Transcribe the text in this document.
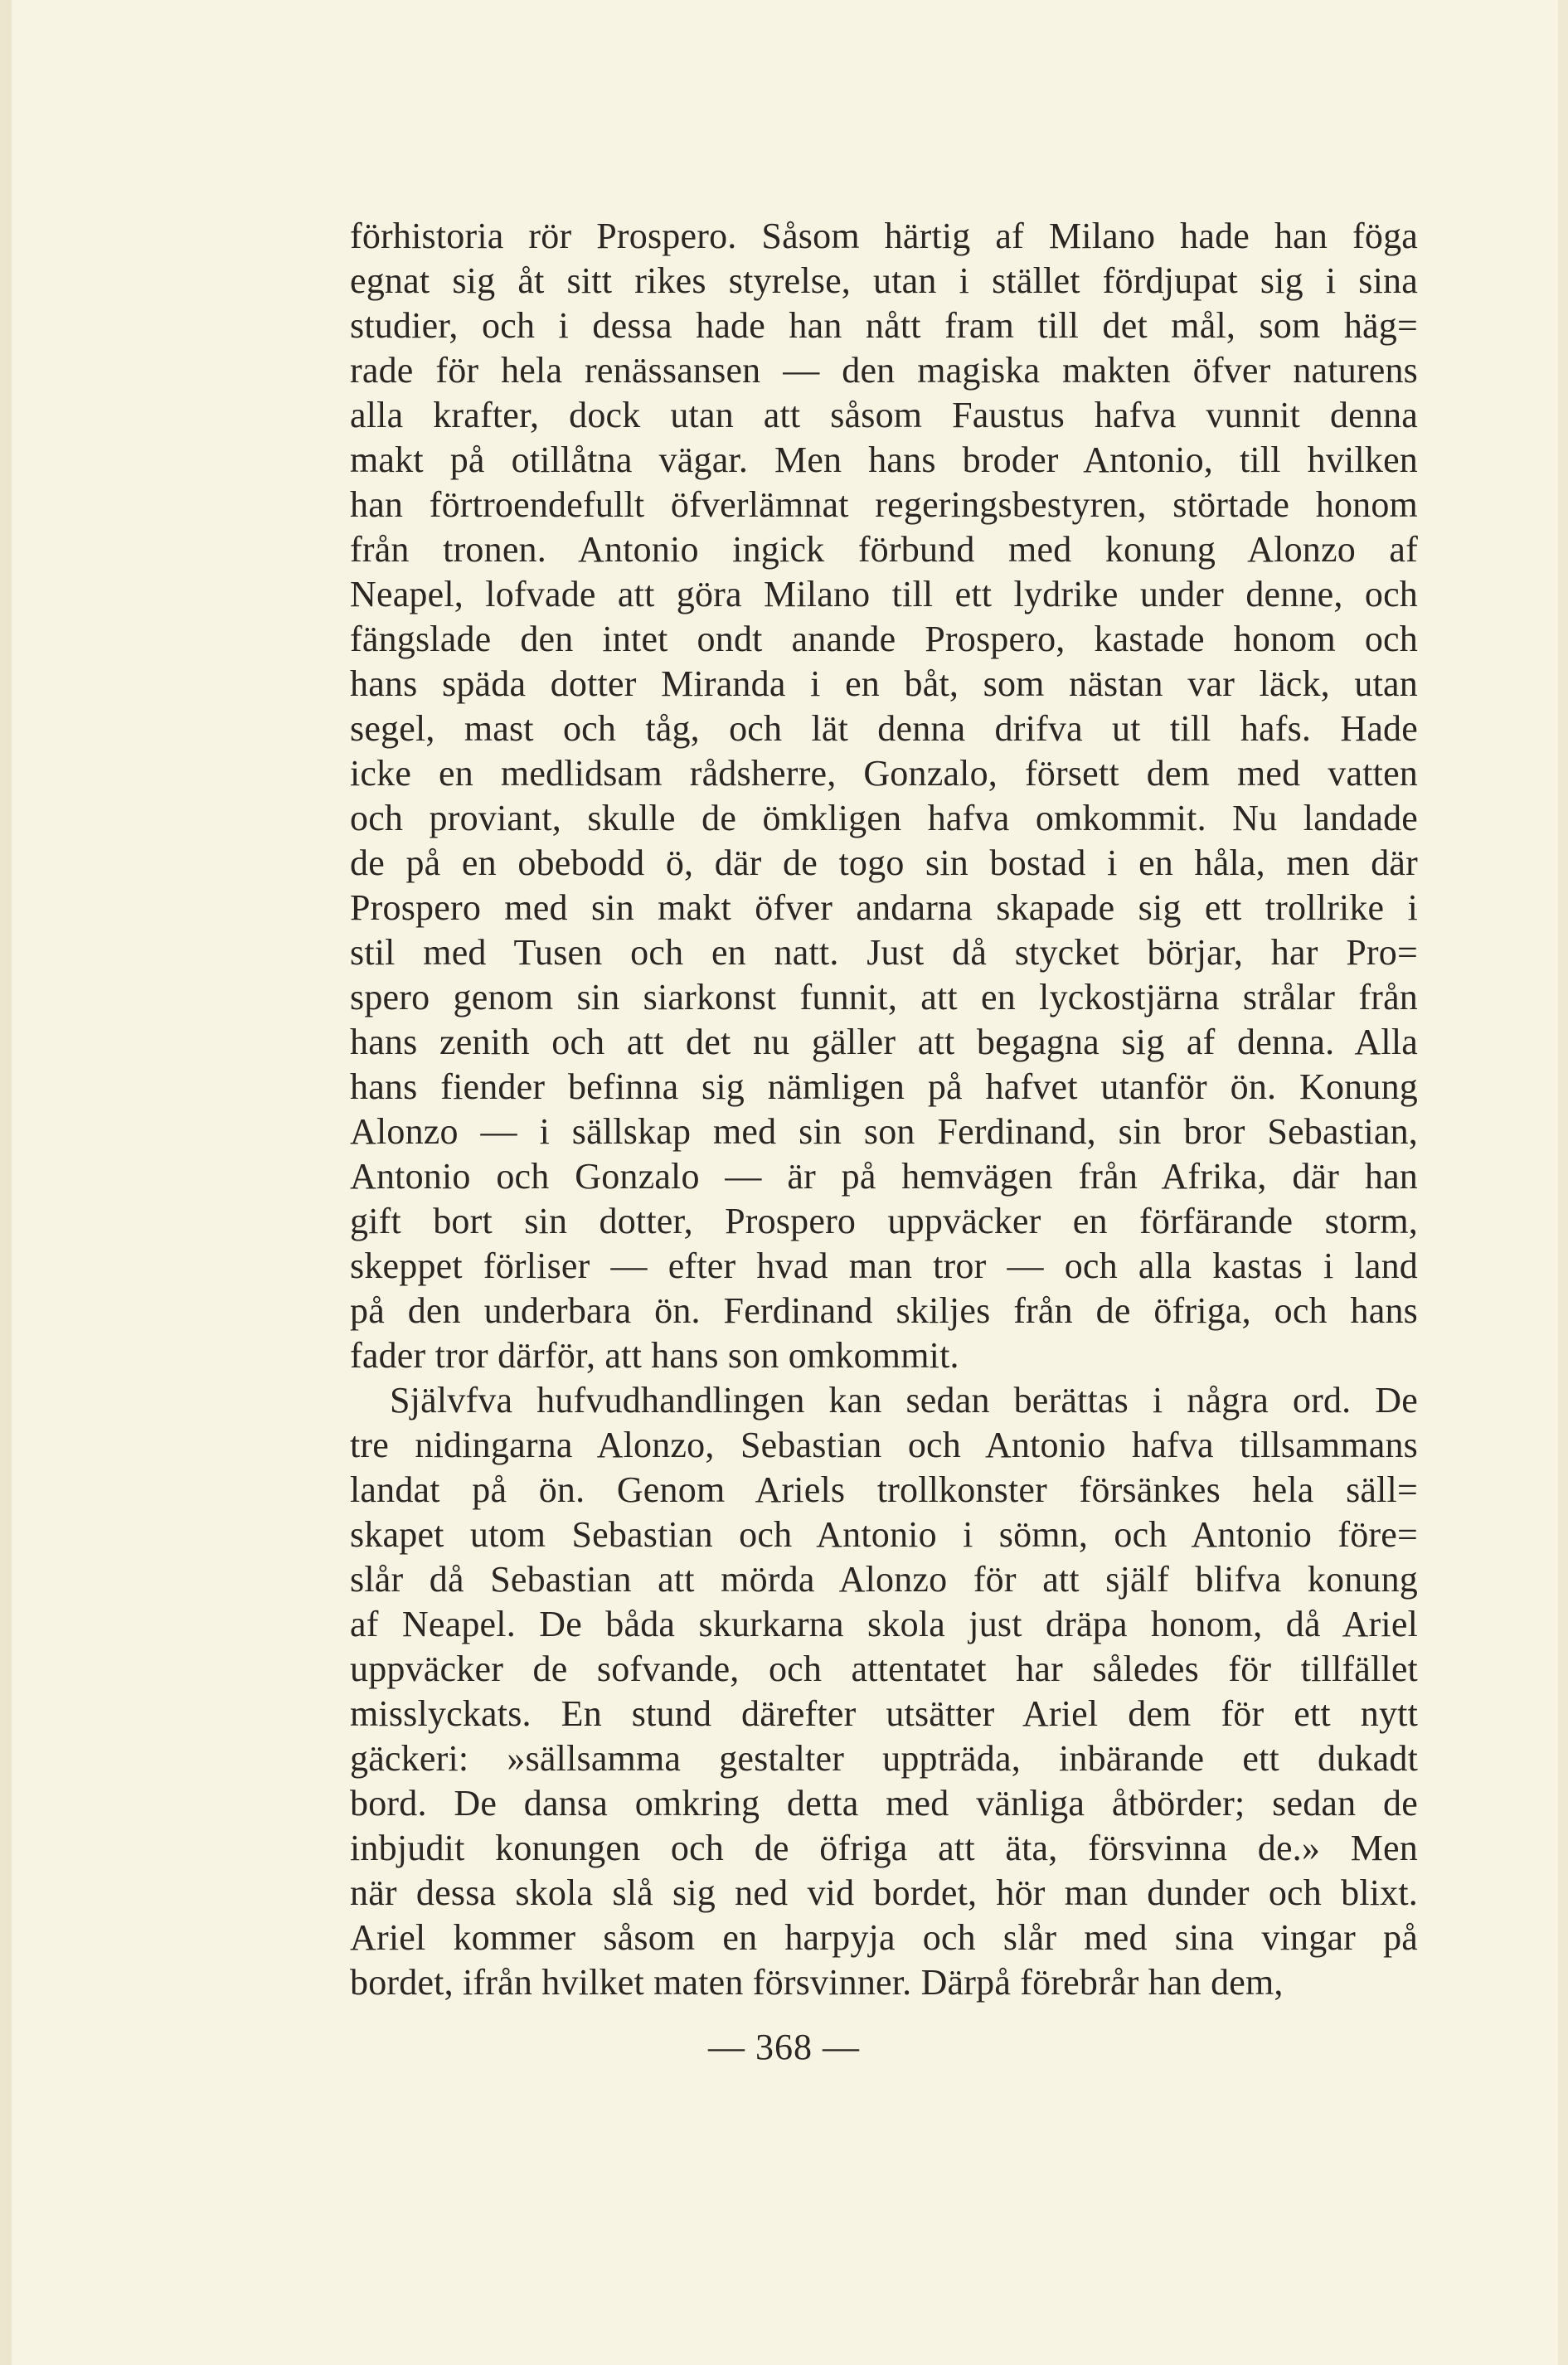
förhistoria rör Prospero. Såsom härtig af Milano hade han föga
egnat sig åt sitt rikes styrelse, utan i stället fördjupat sig i sina
studier, och i dessa hade han nått fram till det mål, som häg=
rade för hela renässansen — den magiska makten öfver naturens
alla krafter, dock utan att såsom Faustus hafva vunnit denna
makt på otillåtna vägar. Men hans broder Antonio, till hvilken
han förtroendefullt öfverlämnat regeringsbestyren, störtade honom
från tronen. Antonio ingick förbund med konung Alonzo af
Neapel, lofvade att göra Milano till ett lydrike under denne, och
fängslade den intet ondt anande Prospero, kastade honom och
hans späda dotter Miranda i en båt, som nästan var läck, utan
segel, mast och tåg, och lät denna drifva ut till hafs. Hade
icke en medlidsam rådsherre, Gonzalo, försett dem med vatten
och proviant, skulle de ömkligen hafva omkommit. Nu landade
de på en obebodd ö, där de togo sin bostad i en håla, men där
Prospero med sin makt öfver andarna skapade sig ett trollrike i
stil med Tusen och en natt. Just då stycket börjar, har Pro=
spero genom sin siarkonst funnit, att en lyckostjärna strålar från
hans zenith och att det nu gäller att begagna sig af denna. Alla
hans fiender befinna sig nämligen på hafvet utanför ön. Konung
Alonzo — i sällskap med sin son Ferdinand, sin bror Sebastian,
Antonio och Gonzalo — är på hemvägen från Afrika, där han
gift bort sin dotter, Prospero uppväcker en förfärande storm,
skeppet förliser — efter hvad man tror — och alla kastas i land
på den underbara ön. Ferdinand skiljes från de öfriga, och hans
fader tror därför, att hans son omkommit.
Självfva hufvudhandlingen kan sedan berättas i några ord. De
tre nidingarna Alonzo, Sebastian och Antonio hafva tillsammans
landat på ön. Genom Ariels trollkonster försänkes hela säll=
skapet utom Sebastian och Antonio i sömn, och Antonio före=
slår då Sebastian att mörda Alonzo för att själf blifva konung
af Neapel. De båda skurkarna skola just dräpa honom, då Ariel
uppväcker de sofvande, och attentatet har således för tillfället
misslyckats. En stund därefter utsätter Ariel dem för ett nytt
gäckeri: »sällsamma gestalter uppträda, inbärande ett dukadt
bord. De dansa omkring detta med vänliga åtbörder; sedan de
inbjudit konungen och de öfriga att äta, försvinna de.» Men
när dessa skola slå sig ned vid bordet, hör man dunder och blixt.
Ariel kommer såsom en harpyja och slår med sina vingar på
bordet, ifrån hvilket maten försvinner. Därpå förebrår han dem,
— 368 —
